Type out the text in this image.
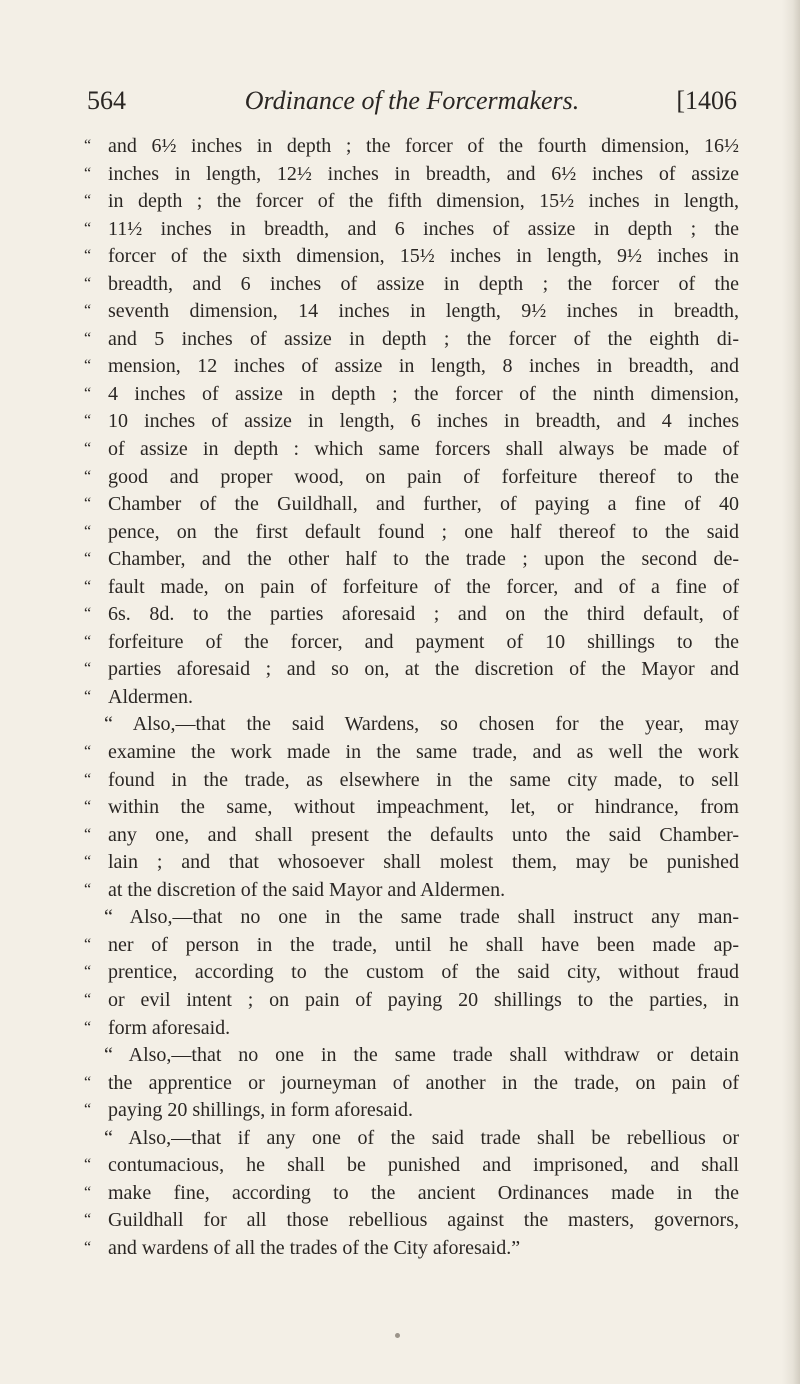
564	Ordinance of the Forcermakers.	[1406
“ and 6½ inches in depth ; the forcer of the fourth dimension, 16½
“ inches in length, 12½ inches in breadth, and 6½ inches of assize
“ in depth ; the forcer of the fifth dimension, 15½ inches in length,
“ 11½ inches in breadth, and 6 inches of assize in depth ; the
“ forcer of the sixth dimension, 15½ inches in length, 9½ inches in
“ breadth, and 6 inches of assize in depth ; the forcer of the
“ seventh dimension, 14 inches in length, 9½ inches in breadth,
“ and 5 inches of assize in depth ; the forcer of the eighth di-
“ mension, 12 inches of assize in length, 8 inches in breadth, and
“ 4 inches of assize in depth ; the forcer of the ninth dimension,
“ 10 inches of assize in length, 6 inches in breadth, and 4 inches
“ of assize in depth : which same forcers shall always be made of
“ good and proper wood, on pain of forfeiture thereof to the
“ Chamber of the Guildhall, and further, of paying a fine of 40
“ pence, on the first default found ; one half thereof to the said
“ Chamber, and the other half to the trade ; upon the second de-
“ fault made, on pain of forfeiture of the forcer, and of a fine of
“ 6s. 8d. to the parties aforesaid ; and on the third default, of
“ forfeiture of the forcer, and payment of 10 shillings to the
“ parties aforesaid ; and so on, at the discretion of the Mayor and
“ Aldermen.
“ Also,—that the said Wardens, so chosen for the year, may
“ examine the work made in the same trade, and as well the work
“ found in the trade, as elsewhere in the same city made, to sell
“ within the same, without impeachment, let, or hindrance, from
“ any one, and shall present the defaults unto the said Chamber-
“ lain ; and that whosoever shall molest them, may be punished
“ at the discretion of the said Mayor and Aldermen.
“ Also,—that no one in the same trade shall instruct any man-
“ ner of person in the trade, until he shall have been made ap-
“ prentice, according to the custom of the said city, without fraud
“ or evil intent ; on pain of paying 20 shillings to the parties, in
“ form aforesaid.
“ Also,—that no one in the same trade shall withdraw or detain
“ the apprentice or journeyman of another in the trade, on pain of
“ paying 20 shillings, in form aforesaid.
“ Also,—that if any one of the said trade shall be rebellious or
“ contumacious, he shall be punished and imprisoned, and shall
“ make fine, according to the ancient Ordinances made in the
“ Guildhall for all those rebellious against the masters, governors,
“ and wardens of all the trades of the City aforesaid.”
